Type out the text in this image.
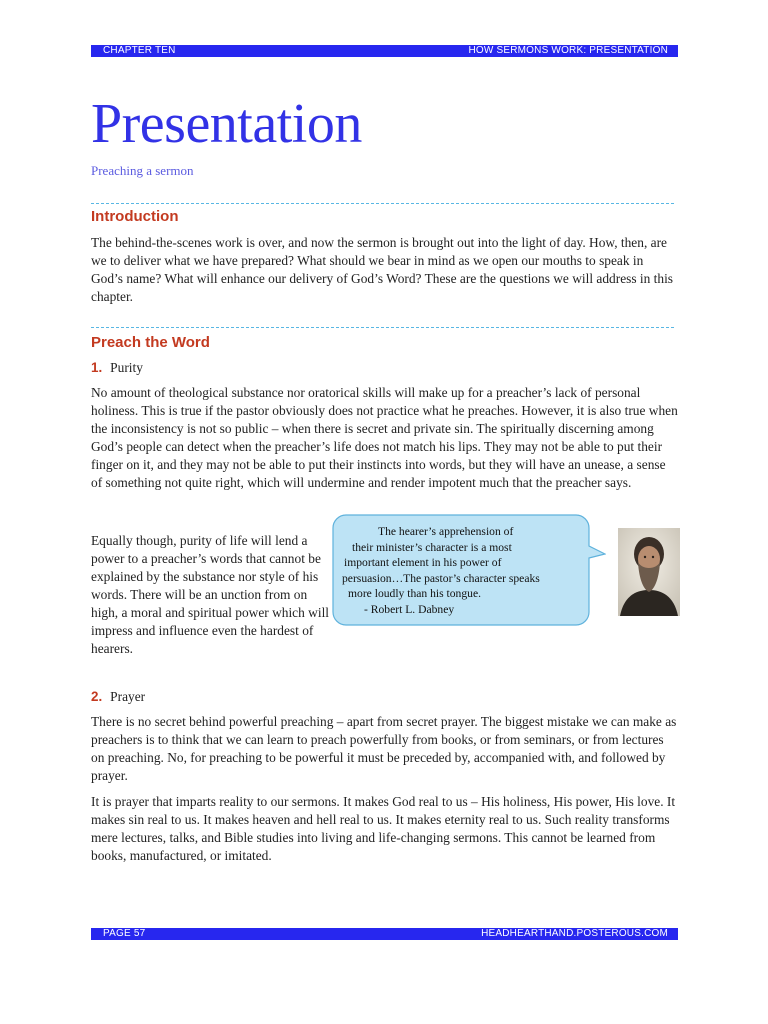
CHAPTER TEN	HOW SERMONS WORK: PRESENTATION
Presentation
Preaching a sermon
Introduction

The behind-the-scenes work is over, and now the sermon is brought out into the light of day. How, then, are we to deliver what we have prepared? What should we bear in mind as we open our mouths to speak in God’s name? What will enhance our delivery of God’s Word? These are the questions we will address in this chapter.

Preach the Word
1. Purity

No amount of theological substance nor oratorical skills will make up for a preacher’s lack of personal holiness. This is true if the pastor obviously does not practice what he preaches. However, it is also true when the inconsistency is not so public – when there is secret and private sin. The spiritually discerning among God’s people can detect when the preacher’s life does not match his lips. They may not be able to put their finger on it, and they may not be able to put their instincts into words, but they will have an unease, a sense of something not quite right, which will undermine and render impotent much that the preacher says.

Equally though, purity of life will lend a power to a preacher’s words that cannot be explained by the substance nor style of his words. There will be an unction from on high, a moral and spiritual power which will impress and influence even the hardest of hearers.

The hearer’s apprehension of
their minister’s character is a most
important element in his power of
persuasion…The pastor’s character speaks
more loudly than his tongue.
- Robert L. Dabney
2. Prayer

There is no secret behind powerful preaching – apart from secret prayer. The biggest mistake we can make as preachers is to think that we can learn to preach powerfully from books, or from seminars, or from lectures on preaching. No, for preaching to be powerful it must be preceded by, accompanied with, and followed by prayer.

It is prayer that imparts reality to our sermons. It makes God real to us – His holiness, His power, His love. It makes sin real to us. It makes heaven and hell real to us. It makes eternity real to us. Such reality transforms mere lectures, talks, and Bible studies into living and life-changing sermons. This cannot be learned from books, manufactured, or imitated.

PAGE 57	HEADHEARTHAND.POSTEROUS.COM
